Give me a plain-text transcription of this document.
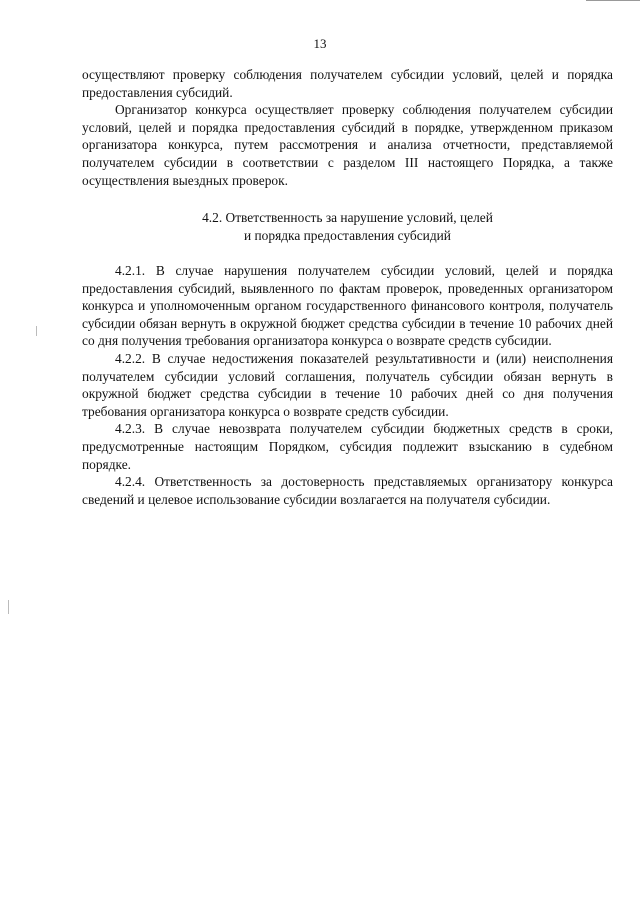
13

осуществляют проверку соблюдения получателем субсидии условий, целей и порядка предоставления субсидий.

Организатор конкурса осуществляет проверку соблюдения получателем субсидии условий, целей и порядка предоставления субсидий в порядке, утвержденном приказом организатора конкурса, путем рассмотрения и анализа отчетности, представляемой получателем субсидии в соответствии с разделом III настоящего Порядка, а также осуществления выездных проверок.

4.2. Ответственность за нарушение условий, целей
и порядка предоставления субсидий

4.2.1. В случае нарушения получателем субсидии условий, целей и порядка предоставления субсидий, выявленного по фактам проверок, проведенных организатором конкурса и уполномоченным органом государственного финансового контроля, получатель субсидии обязан вернуть в окружной бюджет средства субсидии в течение 10 рабочих дней со дня получения требования организатора конкурса о возврате средств субсидии.

4.2.2. В случае недостижения показателей результативности и (или) неисполнения получателем субсидии условий соглашения, получатель субсидии обязан вернуть в окружной бюджет средства субсидии в течение 10 рабочих дней со дня получения требования организатора конкурса о возврате средств субсидии.

4.2.3. В случае невозврата получателем субсидии бюджетных средств в сроки, предусмотренные настоящим Порядком, субсидия подлежит взысканию в судебном порядке.

4.2.4. Ответственность за достоверность представляемых организатору конкурса сведений и целевое использование субсидии возлагается на получателя субсидии.
